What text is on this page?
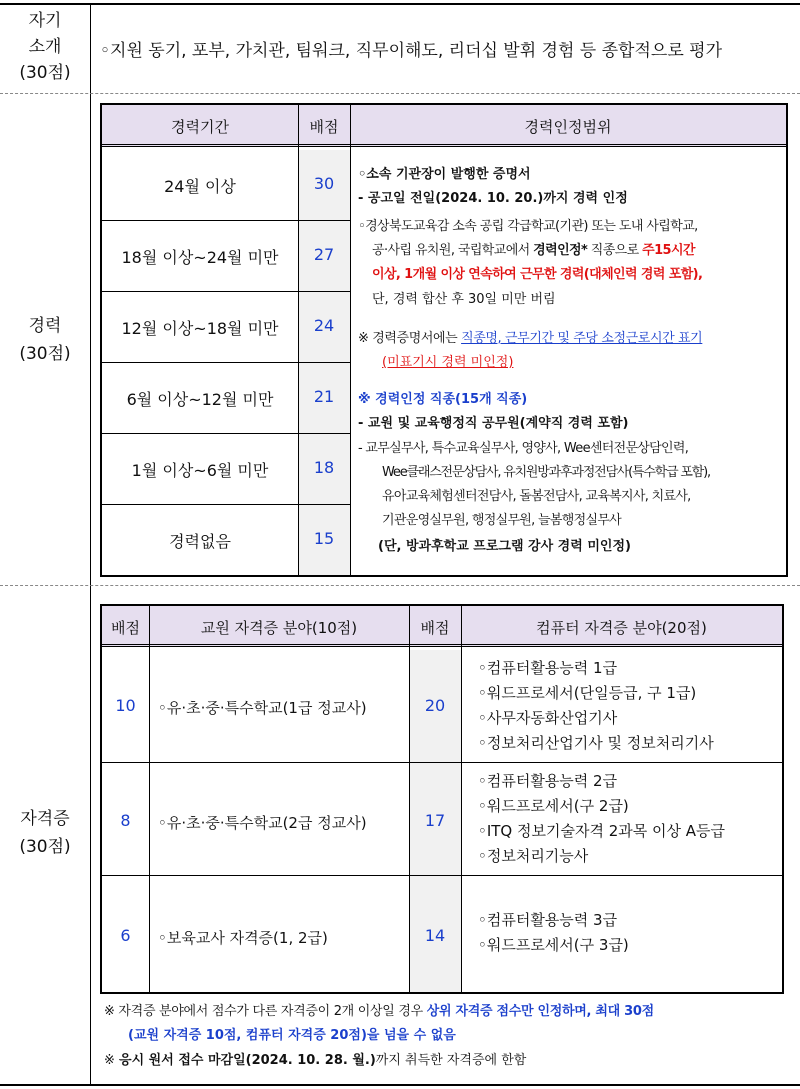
자기
소개
(30점)
◦지원 동기, 포부, 가치관, 팀워크, 직무이해도, 리더십 발휘 경험 등 종합적으로 평가
경력
(30점)
경력기간	배점	경력인정범위
24월 이상	30
18월 이상~24월 미만	27
12월 이상~18월 미만	24
6월 이상~12월 미만	21
1월 이상~6월 미만	18
경력없음	15
◦소속 기관장이 발행한 증명서
- 공고일 전일(2024. 10. 20.)까지 경력 인정
◦경상북도교육감 소속 공립 각급학교(기관) 또는 도내 사립학교,
공·사립 유치원, 국립학교에서 경력인정* 직종으로 주15시간
이상, 1개월 이상 연속하여 근무한 경력(대체인력 경력 포함),
단, 경력 합산 후 30일 미만 버림
※ 경력증명서에는 직종명, 근무기간 및 주당 소정근로시간 표기
(미표기시 경력 미인정)
※ 경력인정 직종(15개 직종)
- 교원 및 교육행정직 공무원(계약직 경력 포함)
- 교무실무사, 특수교육실무사, 영양사, Wee센터전문상담인력,
Wee클래스전문상담사, 유치원방과후과정전담사(특수학급 포함),
유아교육체험센터전담사, 돌봄전담사, 교육복지사, 치료사,
기관운영실무원, 행정실무원, 늘봄행정실무사
(단, 방과후학교 프로그램 강사 경력 미인정)
자격증
(30점)
배점	교원 자격증 분야(10점)	배점	컴퓨터 자격증 분야(20점)
10	◦유·초·중·특수학교(1급 정교사)	20
◦컴퓨터활용능력 1급
◦워드프로세서(단일등급, 구 1급)
◦사무자동화산업기사
◦정보처리산업기사 및 정보처리기사
8	◦유·초·중·특수학교(2급 정교사)	17
◦컴퓨터활용능력 2급
◦워드프로세서(구 2급)
◦ITQ 정보기술자격 2과목 이상 A등급
◦정보처리기능사
6	◦보육교사 자격증(1, 2급)	14
◦컴퓨터활용능력 3급
◦워드프로세서(구 3급)
※ 자격증 분야에서 점수가 다른 자격증이 2개 이상일 경우 상위 자격증 점수만 인정하며, 최대 30점
(교원 자격증 10점, 컴퓨터 자격증 20점)을 넘을 수 없음
※ 응시 원서 접수 마감일(2024. 10. 28. 월.)까지 취득한 자격증에 한함
